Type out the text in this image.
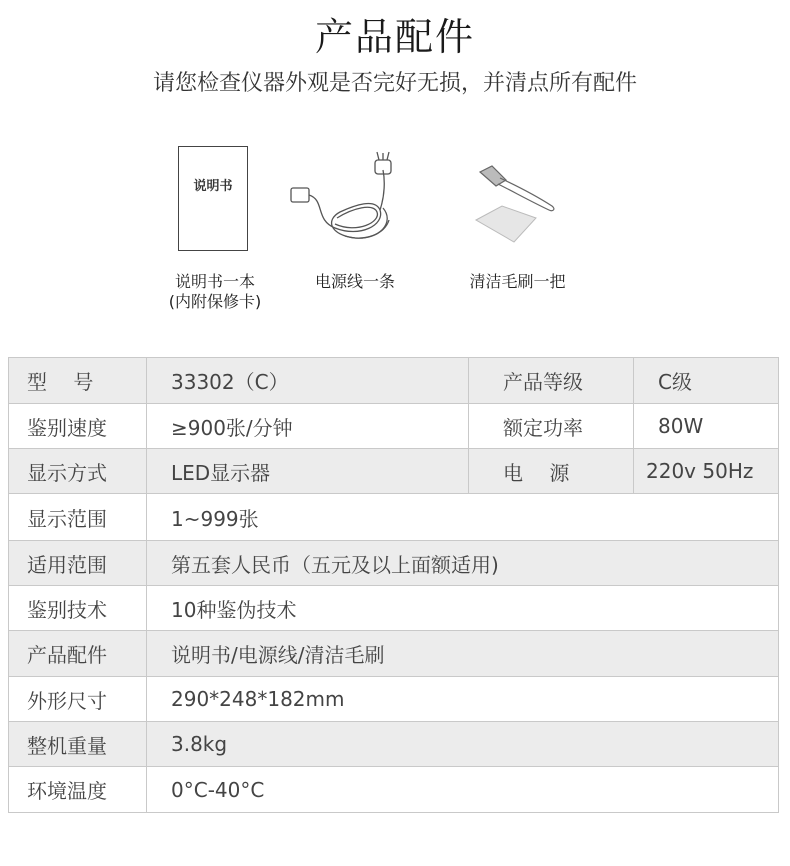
产品配件
请您检查仪器外观是否完好无损，并清点所有配件
说明书
说明书一本
(内附保修卡)
电源线一条	清洁毛刷一把
型　 号	33302（C）	产品等级	C级
鉴别速度	≥900张/分钟	额定功率	80W
显示方式	LED显示器	电　 源	220v 50Hz
显示范围	1~999张		
适用范围	第五套人民币（五元及以上面额适用)		
鉴别技术	10种鉴伪技术		
产品配件	说明书/电源线/清洁毛刷		
外形尺寸	290*248*182mm		
整机重量	3.8kg		
环境温度	0°C-40°C		
